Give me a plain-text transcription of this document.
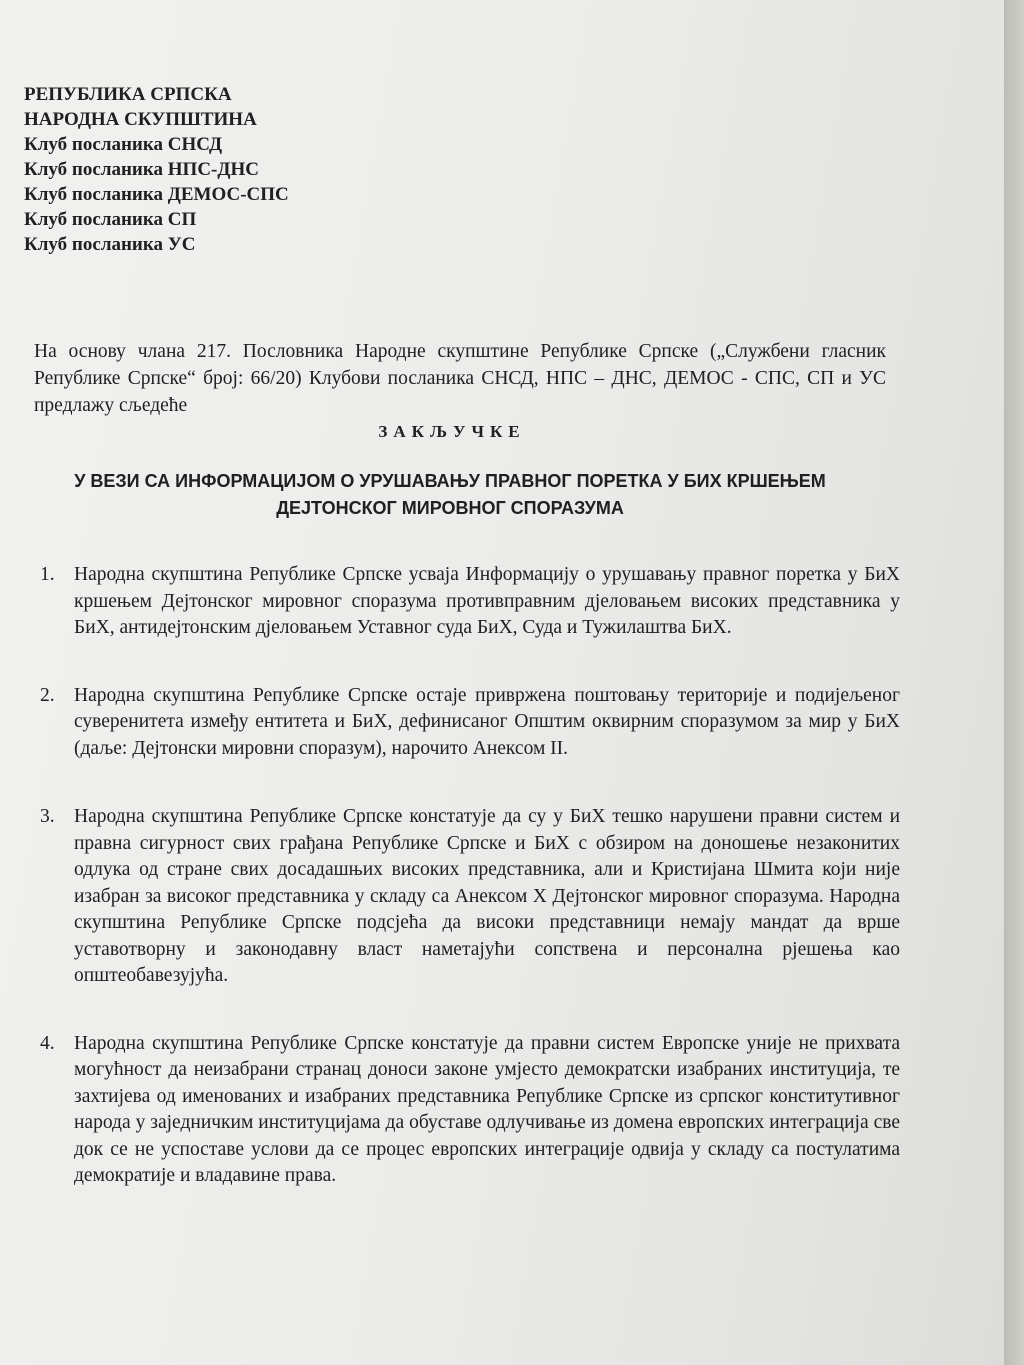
РЕПУБЛИКА СРПСКА
НАРОДНА СКУПШТИНА
Клуб посланика СНСД
Клуб посланика НПС-ДНС
Клуб посланика ДЕМОС-СПС
Клуб посланика СП
Клуб посланика УС

На основу члана 217. Пословника Народне скупштине Републике Српске („Службени гласник Републике Српске“ број: 66/20) Клубови посланика СНСД, НПС – ДНС, ДЕМОС - СПС, СП и УС предлажу сљедеће

ЗАКЉУЧКЕ
У ВЕЗИ СА ИНФОРМАЦИЈОМ О УРУШАВАЊУ ПРАВНОГ ПОРЕТКА У БИХ КРШЕЊЕМ ДЕЈТОНСКОГ МИРОВНОГ СПОРАЗУМА
1. Народна скупштина Републике Српске усваја Информацију о урушавању правног поретка у БиХ кршењем Дејтонског мировног споразума противправним дјеловањем високих представника у БиХ, антидејтонским дјеловањем Уставног суда БиХ, Суда и Тужилаштва БиХ.
2. Народна скупштина Републике Српске остаје привржена поштовању територије и подијељеног суверенитета између ентитета и БиХ, дефинисаног Општим оквирним споразумом за мир у БиХ (даље: Дејтонски мировни споразум), нарочито Анексом II.
3. Народна скупштина Републике Српске констатује да су у БиХ тешко нарушени правни систем и правна сигурност свих грађана Републике Српске и БиХ с обзиром на доношење незаконитих одлука од стране свих досадашњих високих представника, али и Кристијана Шмита који није изабран за високог представника у складу са Анексом X Дејтонског мировног споразума. Народна скупштина Републике Српске подсјећа да високи представници немају мандат да врше уставотворну и законодавну власт наметајући сопствена и персонална рјешења као општеобавезујућа.
4. Народна скупштина Републике Српске констатује да правни систем Европске уније не прихвата могућност да неизабрани странац доноси законе умјесто демократски изабраних институција, те захтијева од именованих и изабраних представника Републике Српске из српског конститутивног народа у заједничким институцијама да обуставе одлучивање из домена европских интеграција све док се не успоставе услови да се процес европских интеграције одвија у складу са постулатима демократије и владавине права.
